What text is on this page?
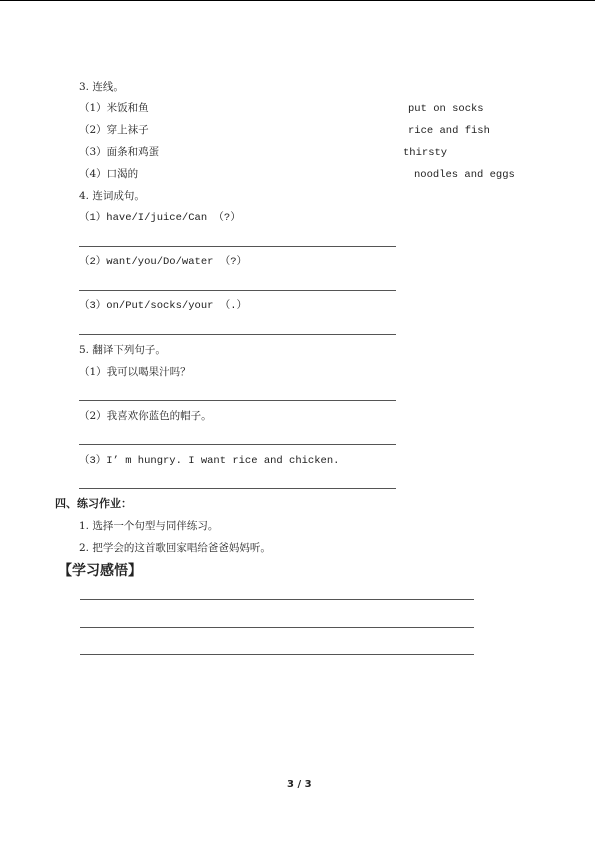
3. 连线。
（1）米饭和鱼
（2）穿上袜子
（3）面条和鸡蛋
（4）口渴的
put on socks
rice and fish
thirsty
noodles and eggs
4. 连词成句。
（1）have/I/juice/Can （?）
（2）want/you/Do/water （?）
（3）on/Put/socks/your （.）
5. 翻译下列句子。
（1）我可以喝果汁吗？
（2）我喜欢你蓝色的帽子。
（3）I’ m hungry. I want rice and chicken.
四、练习作业：
1. 选择一个句型与同伴练习。
2. 把学会的这首歌回家唱给爸爸妈妈听。
【学习感悟】
3 / 3
